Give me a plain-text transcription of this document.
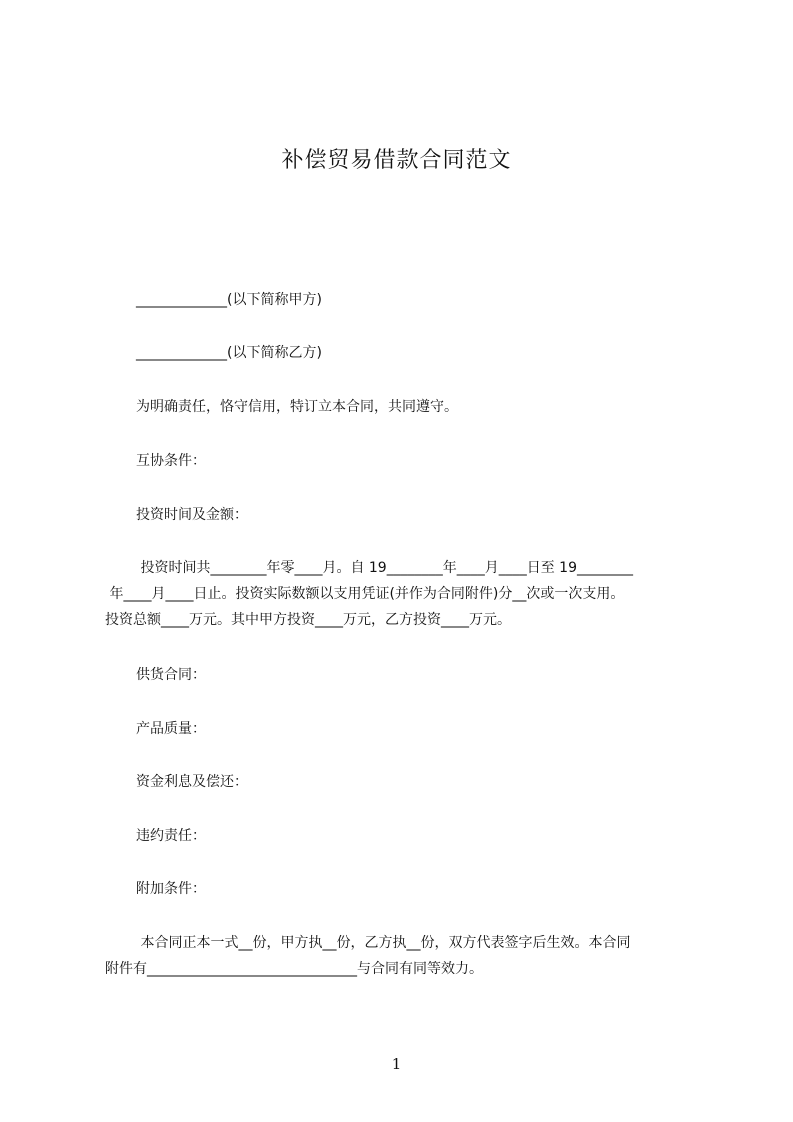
补偿贸易借款合同范文

_____________(以下简称甲方)

_____________(以下简称乙方)

为明确责任，恪守信用，特订立本合同，共同遵守。

互协条件：

投资时间及金额：

投资时间共________年零____月。自 19________年____月____日至 19________

年____月____日止。投资实际数额以支用凭证(并作为合同附件)分__次或一次支用。

投资总额____万元。其中甲方投资____万元，乙方投资____万元。

供货合同：

产品质量：

资金利息及偿还：

违约责任：

附加条件：

本合同正本一式__份，甲方执__份，乙方执__份，双方代表签字后生效。本合同

附件有______________________________与合同有同等效力。

1
